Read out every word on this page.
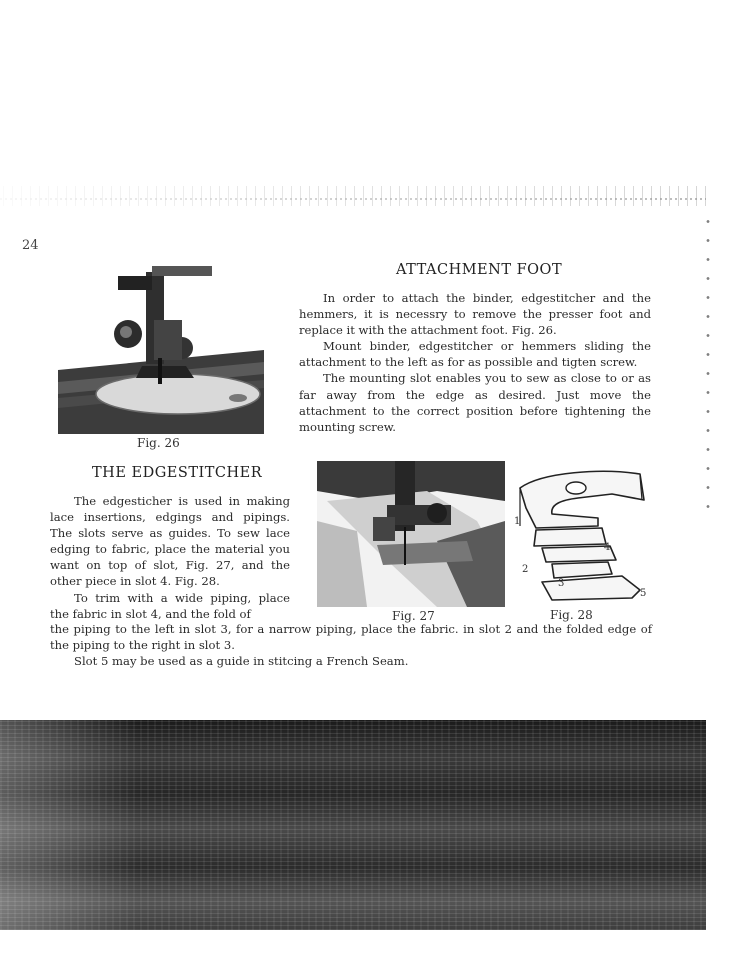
24
Fig. 26
ATTACHMENT FOOT

In order to attach the binder, edgestitcher and the hemmers, it is necessry to remove the presser foot and replace it with the attachment foot. Fig. 26.

Mount binder, edgestitcher or hemmers sliding the attachment to the left as for as possible and tigten screw.

The mounting slot enables you to sew as close to or as far away from the edge as desired. Just move the attachment to the correct position before tightening the mounting screw.

THE EDGESTITCHER

The edgesticher is used in making lace insertions, edgings and pipings. The slots serve as guides. To sew lace edging to fabric, place the material you want on top of slot, Fig. 27, and the other piece in slot 4. Fig. 28.

To trim with a wide piping, place the fabric in slot 4, and the fold of	Fig. 27
1
2
3
4
5
Fig. 28

the piping to the left in slot 3, for a narrow piping, place the fabric. in slot 2 and the folded edge of the piping to the right in slot 3.

Slot 5 may be used as a guide in stitcing a French Seam.
